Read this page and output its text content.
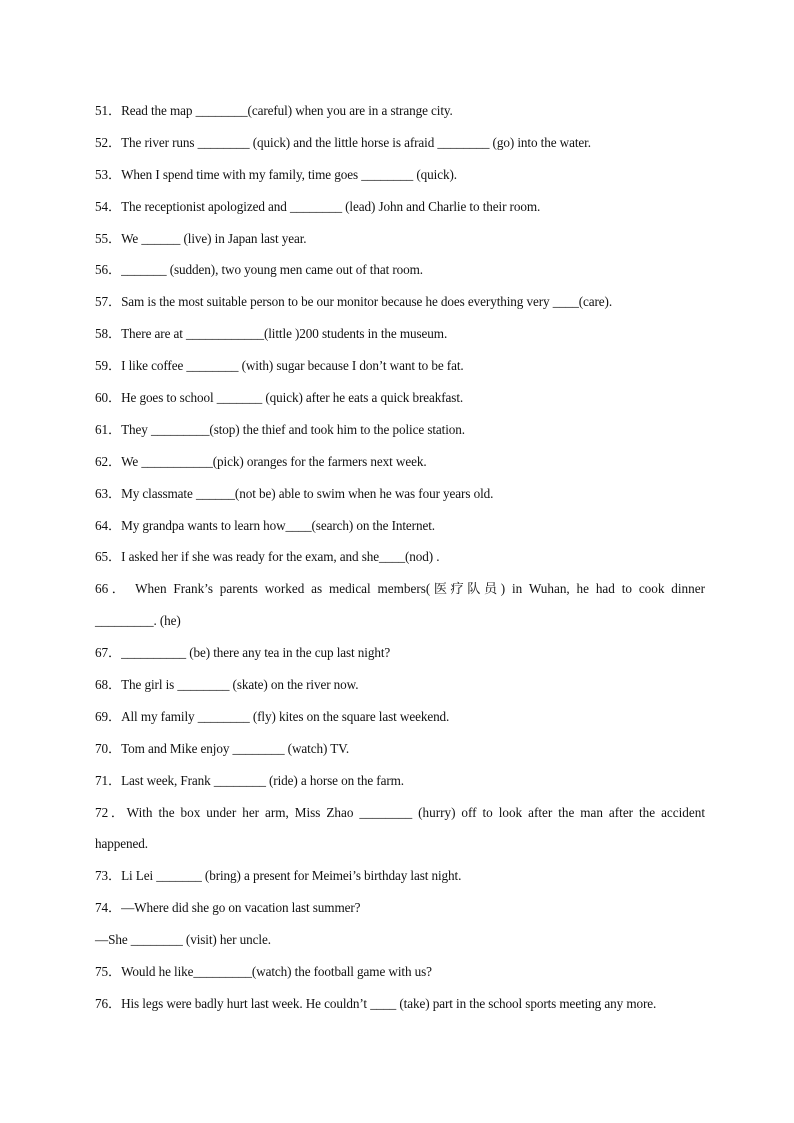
51．Read the map ________(careful) when you are in a strange city.
52．The river runs ________ (quick) and the little horse is afraid ________ (go) into the water.
53．When I spend time with my family, time goes ________ (quick).
54．The receptionist apologized and ________ (lead) John and Charlie to their room.
55．We ______ (live) in Japan last year.
56．_______ (sudden), two young men came out of that room.
57．Sam is the most suitable person to be our monitor because he does everything very ____(care).
58．There are at ____________(little )200 students in the museum.
59．I like coffee ________ (with) sugar because I don’t want to be fat.
60．He goes to school _______ (quick) after he eats a quick breakfast.
61．They _________(stop) the thief and took him to the police station.
62．We ___________(pick) oranges for the farmers next week.
63．My classmate ______(not be) able to swim when he was four years old.
64．My grandpa wants to learn how____(search) on the Internet.
65．I asked her if she was ready for the exam, and she____(nod) .
66． When Frank’s parents worked as medical members(医疗队员) in Wuhan, he had to cook dinner
_________. (he)
67．__________ (be) there any tea in the cup last night?
68．The girl is ________ (skate) on the river now.
69．All my family ________ (fly) kites on the square last weekend.
70．Tom and Mike enjoy ________ (watch) TV.
71．Last week, Frank ________ (ride) a horse on the farm.
72．With the box under her arm, Miss Zhao ________ (hurry) off to look after the man after the accident
happened.
73．Li Lei _______ (bring) a present for Meimei’s birthday last night.
74．—Where did she go on vacation last summer?
—She ________ (visit) her uncle.
75．Would he like_________(watch) the football game with us?
76．His legs were badly hurt last week. He couldn’t ____ (take) part in the school sports meeting any more.
